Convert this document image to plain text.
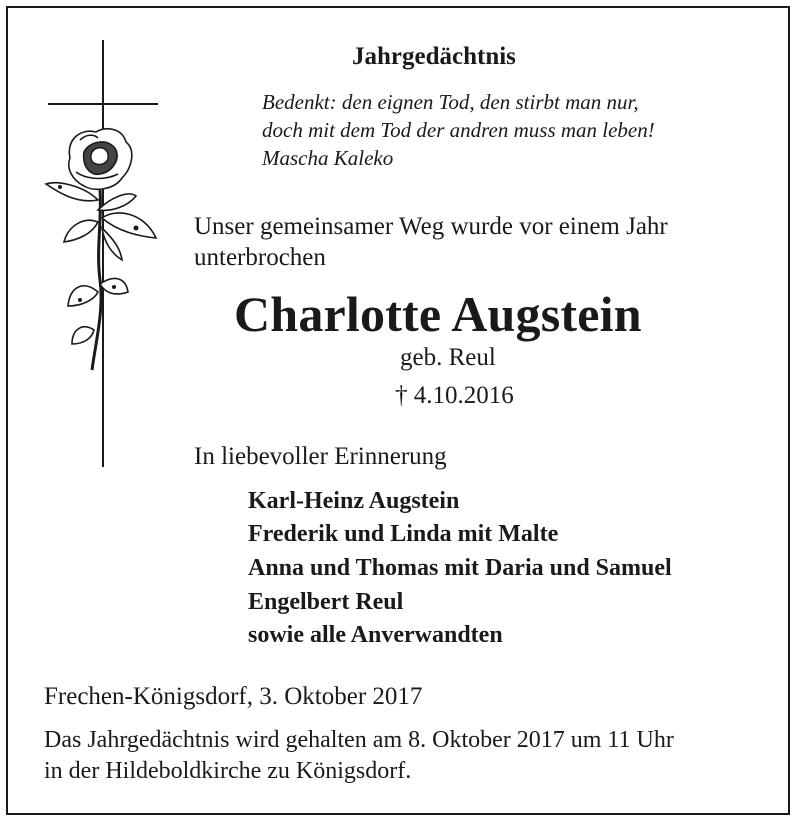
Jahrgedächtnis
Bedenkt: den eignen Tod, den stirbt man nur,
doch mit dem Tod der andren muss man leben!
Mascha Kaleko
Unser gemeinsamer Weg wurde vor einem Jahr
unterbrochen
Charlotte Augstein
geb. Reul
† 4.10.2016
In liebevoller Erinnerung
Karl-Heinz Augstein
Frederik und Linda mit Malte
Anna und Thomas mit Daria und Samuel
Engelbert Reul
sowie alle Anverwandten
Frechen-Königsdorf, 3. Oktober 2017
Das Jahrgedächtnis wird gehalten am 8. Oktober 2017 um 11 Uhr
in der Hildeboldkirche zu Königsdorf.
